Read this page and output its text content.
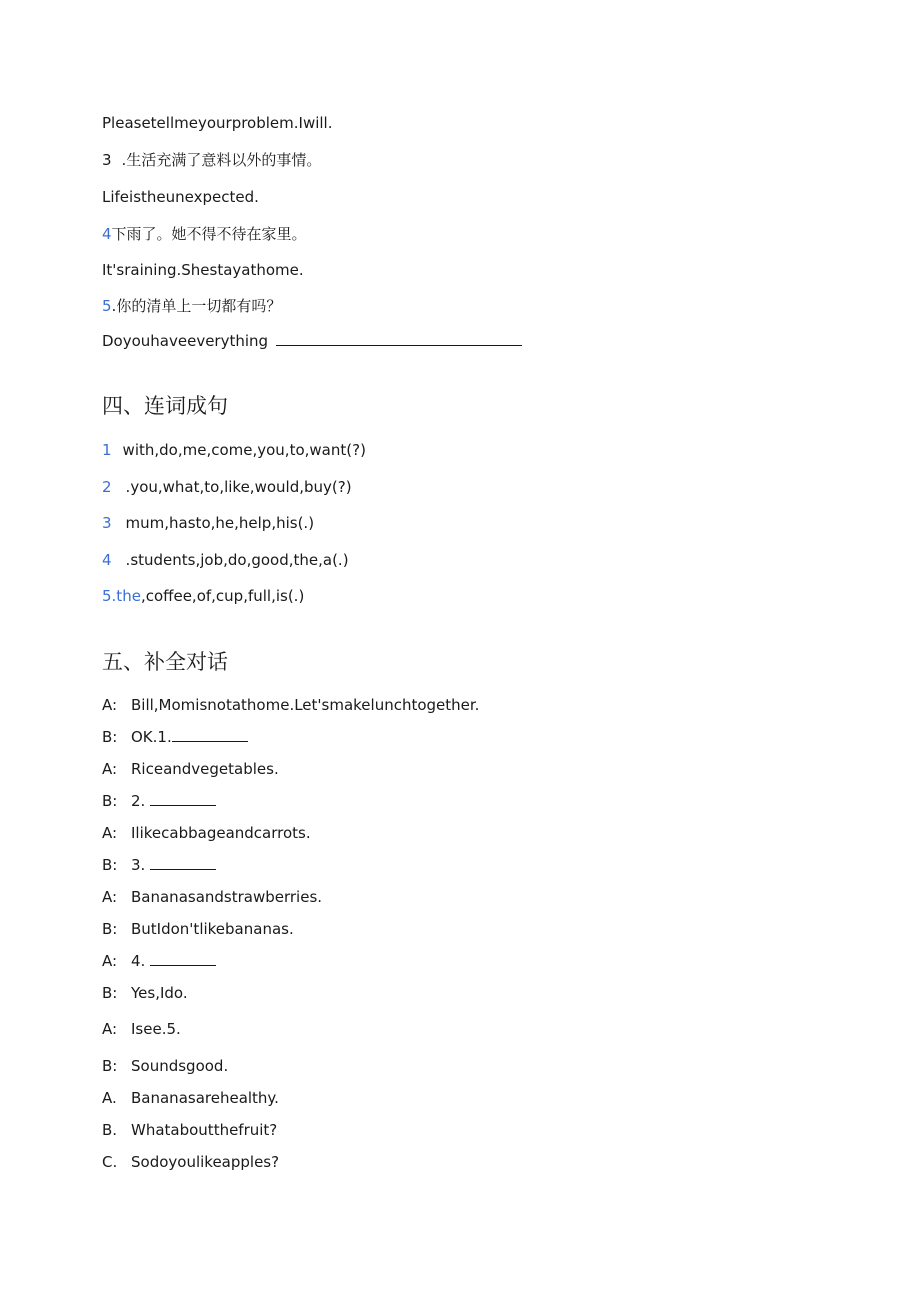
Pleasetellmeyourproblem.Iwill.
3 .生活充满了意料以外的事情。
Lifeistheunexpected.
4下雨了。她不得不待在家里。
It'sraining.Shestayathome.
5.你的清单上一切都有吗？
Doyouhaveeverything
四、连词成句
1 with,do,me,come,you,to,want(?)
2 .you,what,to,like,would,buy(?)
3 mum,hasto,he,help,his(.)
4 .students,job,do,good,the,a(.)
5.the,coffee,of,cup,full,is(.)
五、补全对话
A: Bill,Momisnotathome.Let'smakelunchtogether.
B: OK.1.
A: Riceandvegetables.
B: 2.
A: Ilikecabbageandcarrots.
B: 3.
A: Bananasandstrawberries.
B: ButIdon'tlikebananas.
A: 4.
B: Yes,Ido.
A: Isee.5.
B: Soundsgood.
A. Bananasarehealthy.
B. Whataboutthefruit?
C. Sodoyoulikeapples?
